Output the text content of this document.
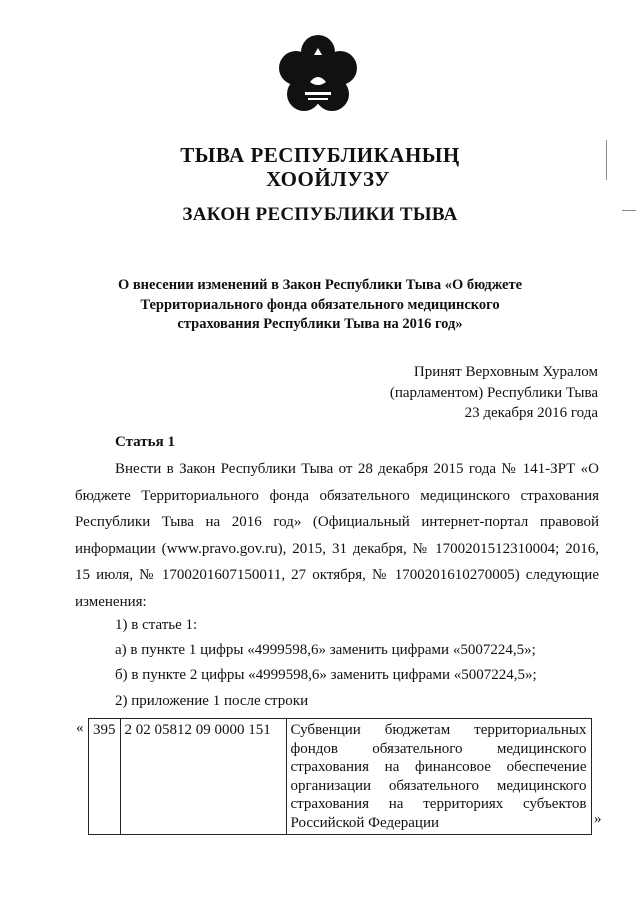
ТЫВА РЕСПУБЛИКАНЫҢ
ХООЙЛУЗУ
ЗАКОН РЕСПУБЛИКИ ТЫВА
О внесении изменений в Закон Республики Тыва «О бюджете
Территориального фонда обязательного медицинского
страхования Республики Тыва на 2016 год»
Принят Верховным Хуралом
(парламентом) Республики Тыва
23 декабря 2016 года
Статья 1
Внести в Закон Республики Тыва от 28 декабря 2015 года № 141-ЗРТ «О бюджете Территориального фонда обязательного медицинского страхования Республики Тыва на 2016 год» (Официальный интернет-портал правовой информации (www.pravo.gov.ru), 2015, 31 декабря, № 1700201512310004; 2016, 15 июля, № 1700201607150011, 27 октября, № 1700201610270005) следующие изменения:
1) в статье 1:
а) в пункте 1 цифры «4999598,6» заменить цифрами «5007224,5»;
б) в пункте 2 цифры «4999598,6» заменить цифрами «5007224,5»;
2) приложение 1 после строки
« 395	2 02 05812 09 0000 151	Субвенции бюджетам территориальных фондов обязательного медицинского страхования на финансовое обеспечение организации обязательного медицинского страхования на территориях субъектов Российской Федерации	»
